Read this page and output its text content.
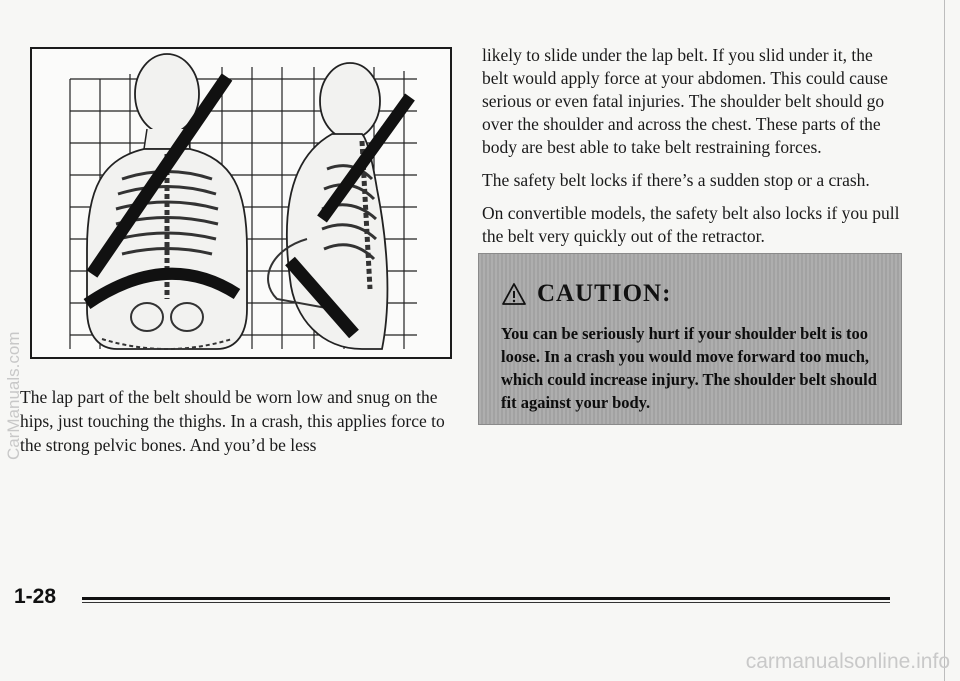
The lap part of the belt should be worn low and snug on the hips, just touching the thighs. In a crash, this applies force to the strong pelvic bones. And you’d be less

likely to slide under the lap belt. If you slid under it, the belt would apply force at your abdomen. This could cause serious or even fatal injuries. The shoulder belt should go over the shoulder and across the chest. These parts of the body are best able to take belt restraining forces.

The safety belt locks if there’s a sudden stop or a crash.

On convertible models, the safety belt also locks if you pull the belt very quickly out of the retractor.

CAUTION:
You can be seriously hurt if your shoulder belt is too loose. In a crash you would move forward too much, which could increase injury. The shoulder belt should fit against your body.
1-28
CarManuals.com
carmanualsonline.info
